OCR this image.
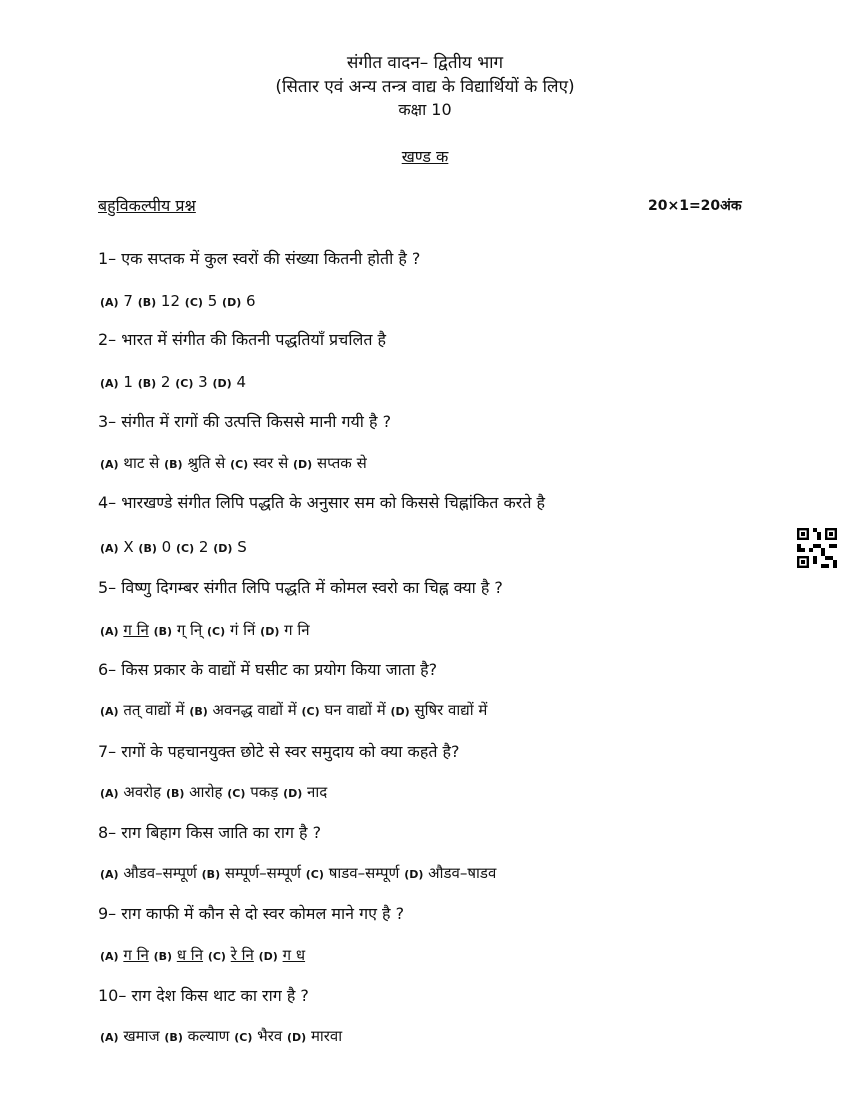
संगीत वादन– द्वितीय भाग
(सितार एवं अन्य तन्त्र वाद्य के विद्यार्थियों के लिए)
कक्षा 10
खण्ड क
बहुविकल्पीय प्रश्न	20×1=20अंक
1– एक सप्तक में कुल स्वरों की संख्या कितनी होती है ?
(A) 7 (B) 12 (C) 5 (D) 6
2– भारत में संगीत की कितनी पद्धतियाँ प्रचलित है
(A) 1 (B) 2 (C) 3 (D) 4
3– संगीत में रागों की उत्पत्ति किससे मानी गयी है ?
(A) थाट से (B) श्रुति से (C) स्वर से (D) सप्तक से
4– भारखण्डे संगीत लिपि पद्धति के अनुसार सम को किससे चिह्नांकित करते है
(A) X (B) 0 (C) 2 (D) S
5– विष्णु दिगम्बर संगीत लिपि पद्धति में कोमल स्वरो का चिह्न क्या है ?
(A) ग नि (B) ग् नि् (C) गं निं (D) ग नि
6– किस प्रकार के वाद्यों में घसीट का प्रयोग किया जाता है?
(A) तत् वाद्यों में (B) अवनद्ध वाद्यों में (C) घन वाद्यों में (D) सुषिर वाद्यों में
7– रागों के पहचानयुक्त छोटे से स्वर समुदाय को क्या कहते है?
(A) अवरोह (B) आरोह (C) पकड़ (D) नाद
8– राग बिहाग किस जाति का राग है ?
(A) औडव–सम्पूर्ण (B) सम्पूर्ण–सम्पूर्ण (C) षाडव–सम्पूर्ण (D) औडव–षाडव
9– राग काफी में कौन से दो स्वर कोमल माने गए है ?
(A) ग नि (B) ध नि (C) रे नि (D) ग ध
10– राग देश किस थाट का राग है ?
(A) खमाज (B) कल्याण (C) भैरव (D) मारवा
